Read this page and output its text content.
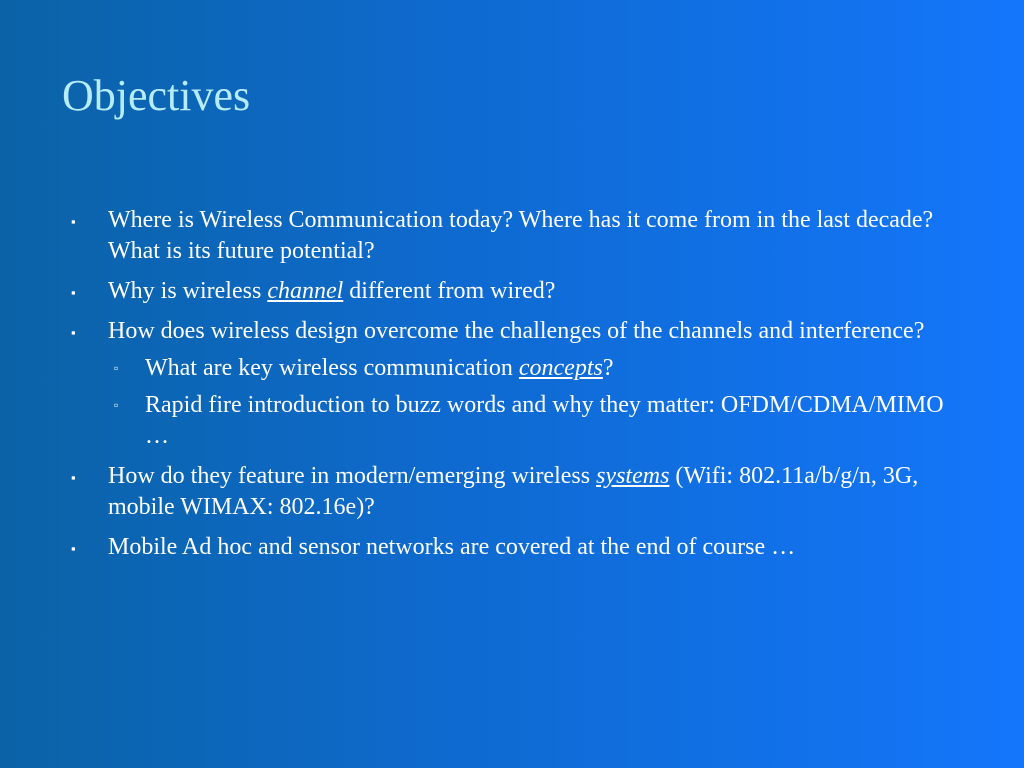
Objectives
▪ Where is Wireless Communication today? Where has it come from in the last decade? What is its future potential?
▪ Why is wireless channel different from wired?
▪ How does wireless design overcome the challenges of the channels and interference?
▫ What are key wireless communication concepts?
▫ Rapid fire introduction to buzz words and why they matter: OFDM/CDMA/MIMO …
▪ How do they feature in modern/emerging wireless systems (Wifi: 802.11a/b/g/n, 3G, mobile WIMAX: 802.16e)?
▪ Mobile Ad hoc and sensor networks are covered at the end of course …
